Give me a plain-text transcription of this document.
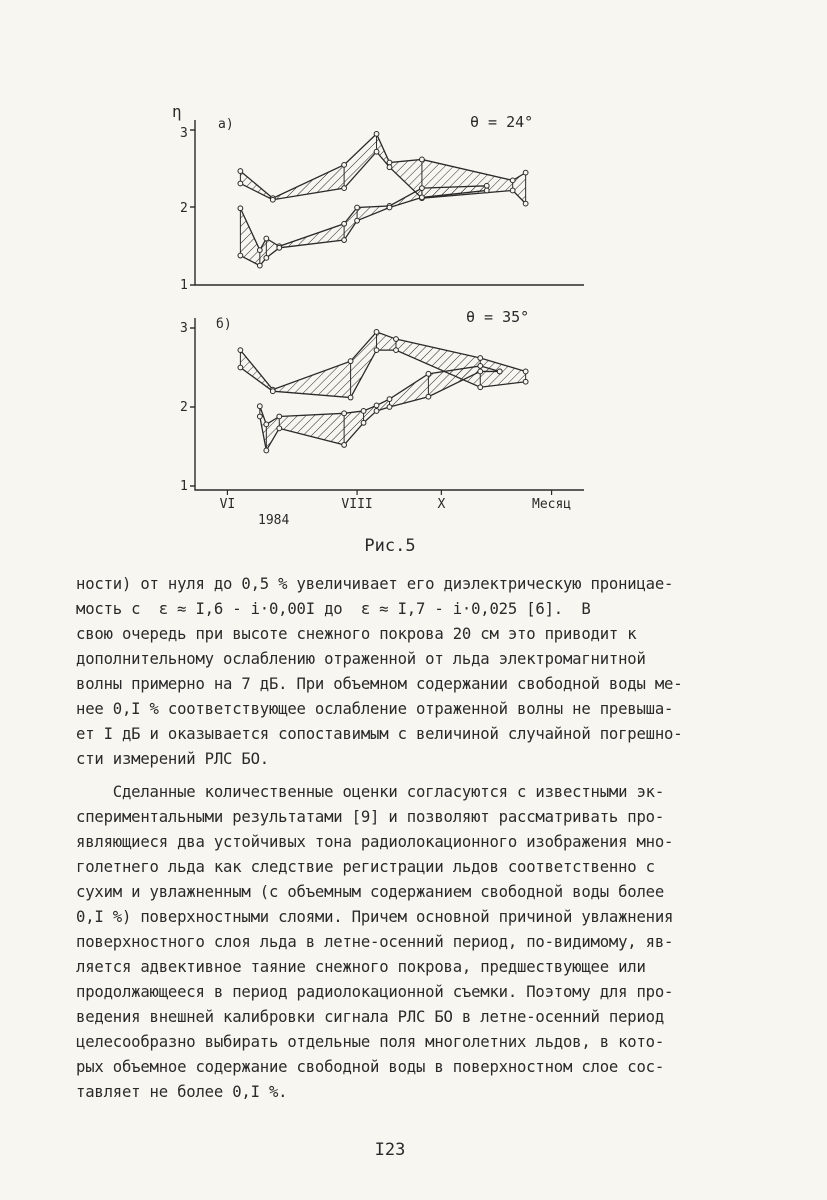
η
3
2
1
а)	θ = 24°
3
2
1
б)	θ = 35°
VI	VIII	X	Месяц
1984
Рис.5
ности) от нуля до 0,5 % увеличивает его диэлектрическую проницае-
мость с  ε ≈ I,6 - i·0,00I до  ε ≈ I,7 - i·0,025 [6].  В
свою очередь при высоте снежного покрова 20 см это приводит к
дополнительному ослаблению отраженной от льда электромагнитной
волны примерно на 7 дБ. При объемном содержании свободной воды ме-
нее 0,I % соответствующее ослабление отраженной волны не превыша-
ет I дБ и оказывается сопоставимым с величиной случайной погрешно-
сти измерений РЛС БО.
Сделанные количественные оценки согласуются с известными эк-
спериментальными результатами [9] и позволяют рассматривать про-
являющиеся два устойчивых тона радиолокационного изображения мно-
голетнего льда как следствие регистрации льдов соответственно с
сухим и увлажненным (с объемным содержанием свободной воды более
0,I %) поверхностными слоями. Причем основной причиной увлажнения
поверхностного слоя льда в летне-осенний период, по-видимому, яв-
ляется адвективное таяние снежного покрова, предшествующее или
продолжающееся в период радиолокационной съемки. Поэтому для про-
ведения внешней калибровки сигнала РЛС БО в летне-осенний период
целесообразно выбирать отдельные поля многолетних льдов, в кото-
рых объемное содержание свободной воды в поверхностном слое сос-
тавляет не более 0,I %.
I23
